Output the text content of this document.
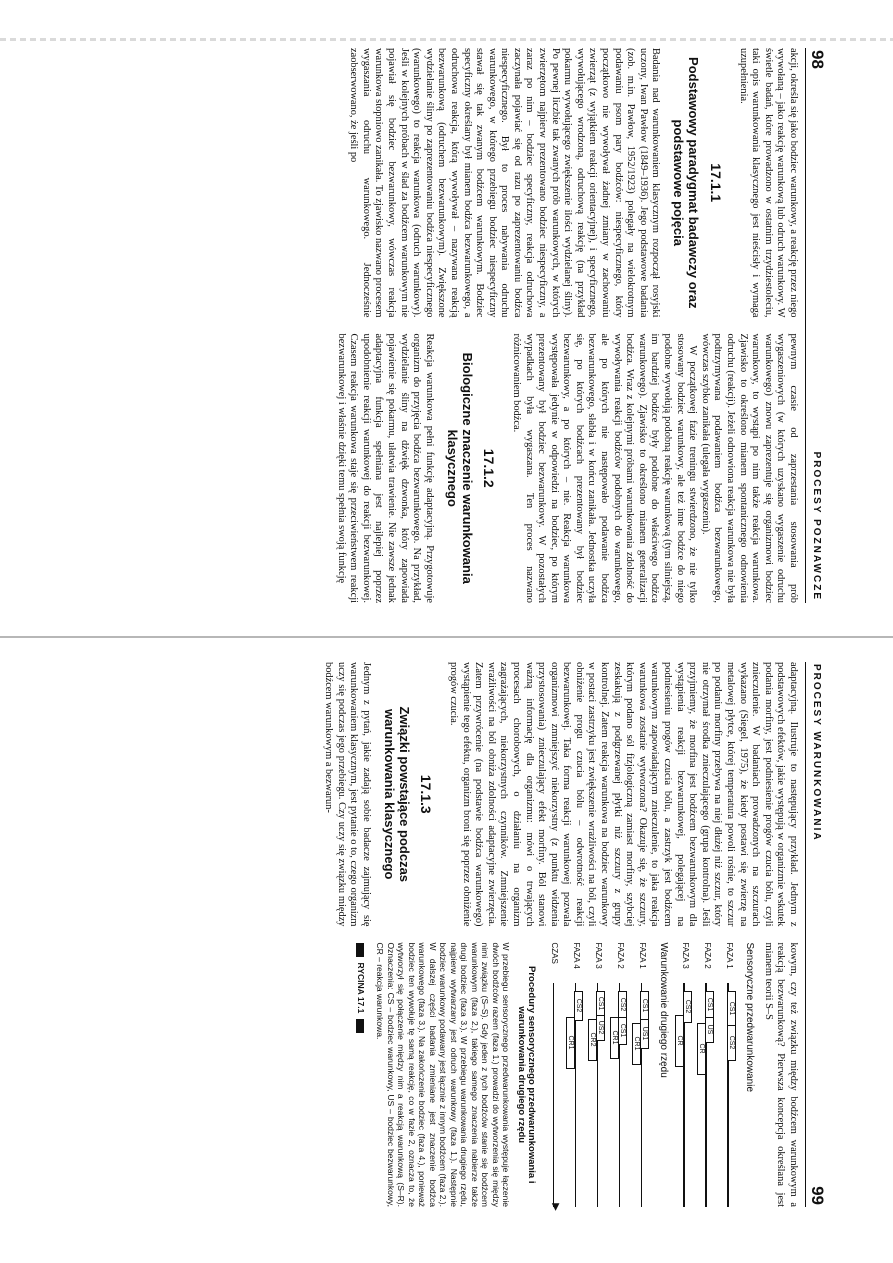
98
PROCESY POZNAWCZE

akcji, określa się jako bodziec warunkowy, a reakcję przez niego wywołaną – jako reakcję warunkową lub odruch warunkowy. W świetle badań, które prowadzono w ostatnim trzydziestoleciu, taki opis warunkowania klasycznego jest nieścisły i wymaga uzupełnienia.

17.1.1
Podstawowy paradygmat badawczy oraz podstawowe pojęcia

Badania nad warunkowaniem klasycznym rozpoczął rosyjski uczony, Iwan Pawłow (1849–1936). Jego podstawowe badania (zob. m.in. Pawłow, 1952/1923) polegały na wielokrotnym podawaniu psom pary bodźców: niespecyficznego, który początkowo nie wywoływał żadnej zmiany w zachowaniu zwierząt (z wyjątkiem reakcji orientacyjnej), i specyficznego, wywołującego wrodzoną, odruchową reakcję (na przykład pokarmu wywołującego zwiększenie ilości wydzielanej śliny). Po pewnej liczbie tak zwanych prób warunkowych, w których zwierzętom najpierw prezentowano bodziec niespecyficzny, a zaraz po nim – bodziec specyficzny, reakcja odruchowa zaczynała pojawiać się od razu po zaprezentowaniu bodźca niespecyficznego. Był to proces nabywania odruchu warunkowego, w którego przebiegu bodziec niespecyficzny stawał się tak zwanym bodźcem warunkowym. Bodziec specyficzny określany był mianem bodźca bezwarunkowego, a odruchowa reakcja, którą wywoływał – nazywana reakcją bezwarunkową (odruchem bezwarunkowym). Zwiększone wydzielanie śliny po zaprezentowaniu bodźca niespecyficznego (warunkowego) to reakcja warunkowa (odruch warunkowy). Jeśli w kolejnych próbach w ślad za bodźcem warunkowym nie pojawiał się bodziec bezwarunkowy, wówczas reakcja warunkowa stopniowo zanikała. To zjawisko nazwano procesem wygaszania odruchu warunkowego. Jednocześnie zaobserwowano, że jeśli po

pewnym czasie od zaprzestania stosowania prób wygaszeniowych (w których uzyskano wygaszenie odruchu warunkowego) znowu zaprezentuje się organizmowi bodziec warunkowy, to wystąpi po nim także reakcja warunkowa. Zjawisko to określono mianem spontanicznego odnowienia odruchu (reakcji). Jeżeli odnowiona reakcja warunkowa nie była podtrzymywana podawaniem bodźca bezwarunkowego, wówczas szybko zanikała (ulegała wygaszeniu).

W początkowej fazie treningu stwierdzono, że nie tylko stosowany bodziec warunkowy, ale też inne bodźce do niego podobne wywołują podobną reakcję warunkową (tym silniejszą, im bardziej bodźce były podobne do właściwego bodźca warunkowego). Zjawisko to określono mianem generalizacji bodźca. Wraz z kolejnymi próbami warunkowania zdolność do wywoływania reakcji bodźców podobnych do warunkowego, ale po których nie następowało podawanie bodźca bezwarunkowego, słabła i w końcu zanikała. Jednostka uczyła się, po których bodźcach prezentowany był bodziec bezwarunkowy, a po których – nie. Reakcja warunkowa występowała jedynie w odpowiedzi na bodziec, po którym prezentowany był bodziec bezwarunkowy. W pozostałych wypadkach była wygaszana. Ten proces nazwano różnicowaniem bodźca.

17.1.2
Biologiczne znaczenie warunkowania klasycznego

Reakcja warunkowa pełni funkcję adaptacyjną. Przygotowuje organizm do przyjęcia bodźca bezwarunkowego. Na przykład, wydzielanie śliny na dźwięk dzwonka, który zapowiada pojawienie się pokarmu, ułatwia trawienie. Nie zawsze jednak adaptacyjna funkcja spełniana jest najlepiej poprzez upodobnienie reakcji warunkowej do reakcji bezwarunkowej. Czasem reakcja warunkowa staje się przeciwieństwem reakcji bezwarunkowej i właśnie dzięki temu spełnia swoją funkcję

PROCESY WARUNKOWANIA
99

adaptacyjną. Ilustruje to następujący przykład. Jednym z podstawowych efektów, jakie występują w organizmie wskutek podania morfiny, jest podniesienie progów czucia bólu, czyli znieczulenie. W badaniach prowadzonych na szczurach wykazano (Siegel, 1975), że kiedy postawi się zwierzę na metalowej płytce, której temperatura powoli rośnie, to szczur po podaniu morfiny przebywa na niej dłużej niż szczur, który nie otrzymał środka znieczulającego (grupa kontrolna). Jeśli przyjmiemy, że morfina jest bodźcem bezwarunkowym dla wystąpienia reakcji bezwarunkowej, polegającej na podniesieniu progów czucia bólu, a zastrzyk jest bodźcem warunkowym zapowiadającym znieczulenie, to jaka reakcja warunkowa zostanie wytworzona? Okazuje się, że szczury, którym podano sól fizjologiczną zamiast morfiny, szybciej zeskakują z podgrzewanej płytki niż szczury z grupy kontrolnej. Zatem reakcja warunkowa na bodziec warunkowy w postaci zastrzyku jest zwiększenie wrażliwości na ból, czyli obniżenie progu czucia bólu – odwrotność reakcji bezwarunkowej. Taka forma reakcji warunkowej pozwala organizmowi zmniejszyć niekorzystny (z punktu widzenia przystosowania) znieczulający efekt morfiny. Ból stanowi ważną informację dla organizmu: mówi o trwających procesach chorobowych, o działaniu na organizm zagrażających, niekorzystnych czynników. Zmniejszenie wrażliwości na ból obniża zdolności adaptacyjne zwierzęcia. Zatem przywrócenie (na podstawie bodźca warunkowego) wystąpienie tego efektu, organizm broni się poprzez obniżenie progów czucia.

17.1.3
Związki powstające podczas warunkowania klasycznego

Jednym z pytań, jakie zadają sobie badacze zajmujący się warunkowaniem klasycznym, jest pytanie o to, czego organizm uczy się podczas jego przebiegu. Czy uczy się związku między bodźcem warunkowym a bezwarun-

kowym, czy też związku między bodźcem warunkowym a reakcją bezwarunkową? Pierwsza koncepcja określana jest mianem teorii S–S

Sensoryczne przedwarunkowanie
FAZA 1
CS1
CS2
FAZA 2
CS1
US
CR
FAZA 3
CS2
CR
Warunkowanie drugiego rzędu
FAZA 1
CS1
US1
CR1
FAZA 2
CS2
CS1
CR1
FAZA 3
CS1
US2
CR2
FAZA 4
CS2
CR1
CZAS
▶
Procedury sensorycznego przedwarunkowania i warunkowania drugiego rzędu
W przebiegu sensorycznego przedwarunkowania występuje łączenie dwóch bodźców razem (faza 1.) prowadzi do wytworzenia się między nimi związku (S–S). Gdy jeden z tych bodźców stanie się bodźcem warunkowym (faza 2.), takiego samego znaczenia nabierze także drugi bodziec (faza 3.). W przebiegu warunkowania drugiego rzędu, najpierw wytwarzany jest odruch warunkowy (faza 1.). Następnie bodziec warunkowy podawany jest łącznie z innym bodźcem (faza 2.). W dalszej części badania zmieniane jest znaczenie bodźca warunkowego (faza 3.). Na zakończenie bodziec (faza 4.), ponieważ bodziec ten wywołuje tę samą reakcję, co w fazie 2, oznacza to, że wytworzył się połączenie między nim a reakcją warunkową (S–R). Oznaczenia: CS – bodziec warunkowy, US – bodziec bezwarunkowy, CR – reakcja warunkowa.
RYCINA 17.1
